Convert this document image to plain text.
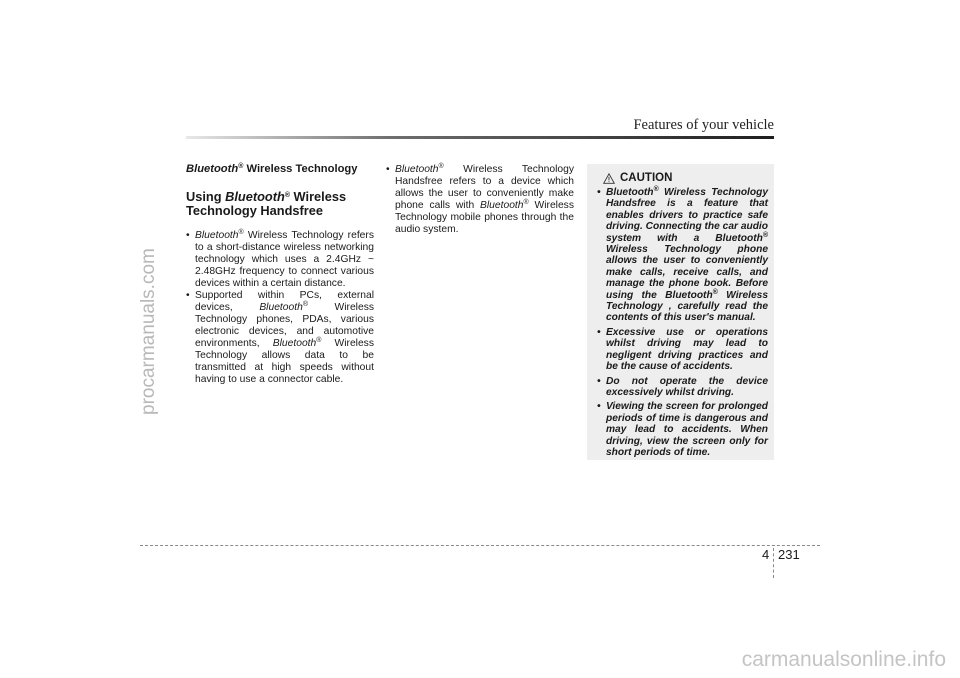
procarmanuals.com
Features of your vehicle
Bluetooth® Wireless Technology
Using Bluetooth® Wireless Technology Handsfree
• Bluetooth® Wireless Technology refers to a short-distance wireless networking technology which uses a 2.4GHz ~ 2.48GHz frequency to connect various devices within a certain distance.
• Supported within PCs, external devices, Bluetooth® Wireless Technology phones, PDAs, various electronic devices, and automotive environments, Bluetooth® Wireless Technology allows data to be transmitted at high speeds without having to use a connector cable.
• Bluetooth® Wireless Technology Handsfree refers to a device which allows the user to conveniently make phone calls with Bluetooth® Wireless Technology mobile phones through the audio system.
CAUTION
• Bluetooth® Wireless Technology Handsfree is a feature that enables drivers to practice safe driving. Connecting the car audio system with a Bluetooth® Wireless Technology phone allows the user to conveniently make calls, receive calls, and manage the phone book. Before using the Bluetooth® Wireless Technology , carefully read the contents of this user's manual.
• Excessive use or operations whilst driving may lead to negligent driving practices and be the cause of accidents.
• Do not operate the device excessively whilst driving.
• Viewing the screen for prolonged periods of time is dangerous and may lead to accidents. When driving, view the screen only for short periods of time.
4 231
carmanualsonline.info
